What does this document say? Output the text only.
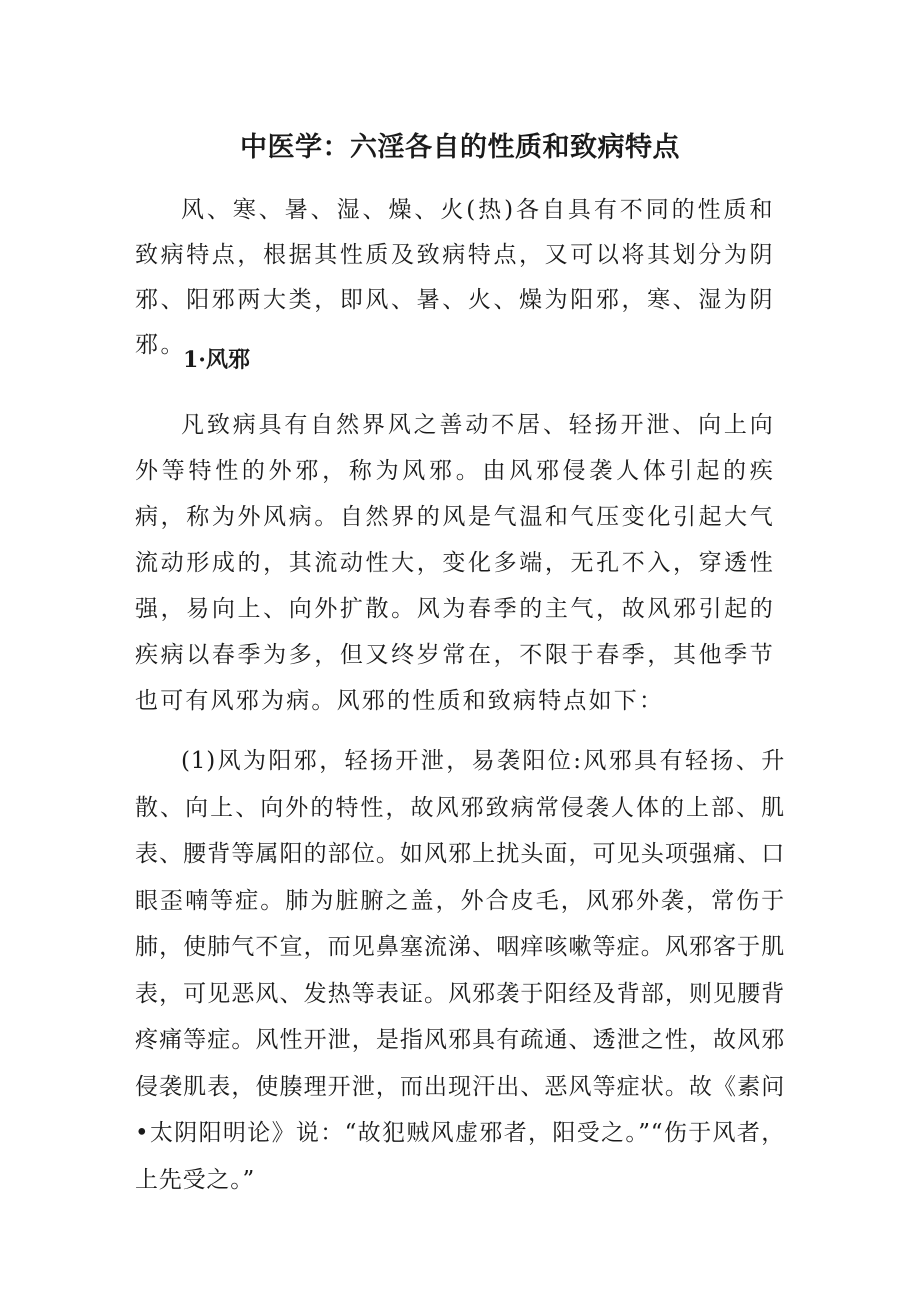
中医学：六淫各自的性质和致病特点

风、寒、暑、湿、燥、火(热)各自具有不同的性质和致病特点，根据其性质及致病特点，又可以将其划分为阴邪、阳邪两大类，即风、暑、火、燥为阳邪，寒、湿为阴邪。

1·风邪

凡致病具有自然界风之善动不居、轻扬开泄、向上向外等特性的外邪，称为风邪。由风邪侵袭人体引起的疾病，称为外风病。自然界的风是气温和气压变化引起大气流动形成的，其流动性大，变化多端，无孔不入，穿透性强，易向上、向外扩散。风为春季的主气，故风邪引起的疾病以春季为多，但又终岁常在，不限于春季，其他季节也可有风邪为病。风邪的性质和致病特点如下：

(1)风为阳邪，轻扬开泄，易袭阳位:风邪具有轻扬、升散、向上、向外的特性，故风邪致病常侵袭人体的上部、肌表、腰背等属阳的部位。如风邪上扰头面，可见头项强痛、口眼歪喃等症。肺为脏腑之盖，外合皮毛，风邪外袭，常伤于肺，使肺气不宣，而见鼻塞流涕、咽痒咳嗽等症。风邪客于肌表，可见恶风、发热等表证。风邪袭于阳经及背部，则见腰背疼痛等症。风性开泄，是指风邪具有疏通、透泄之性，故风邪侵袭肌表，使腠理开泄，而出现汗出、恶风等症状。故《素问•太阴阳明论》说：“故犯贼风虚邪者，阳受之。”“伤于风者，上先受之。”
